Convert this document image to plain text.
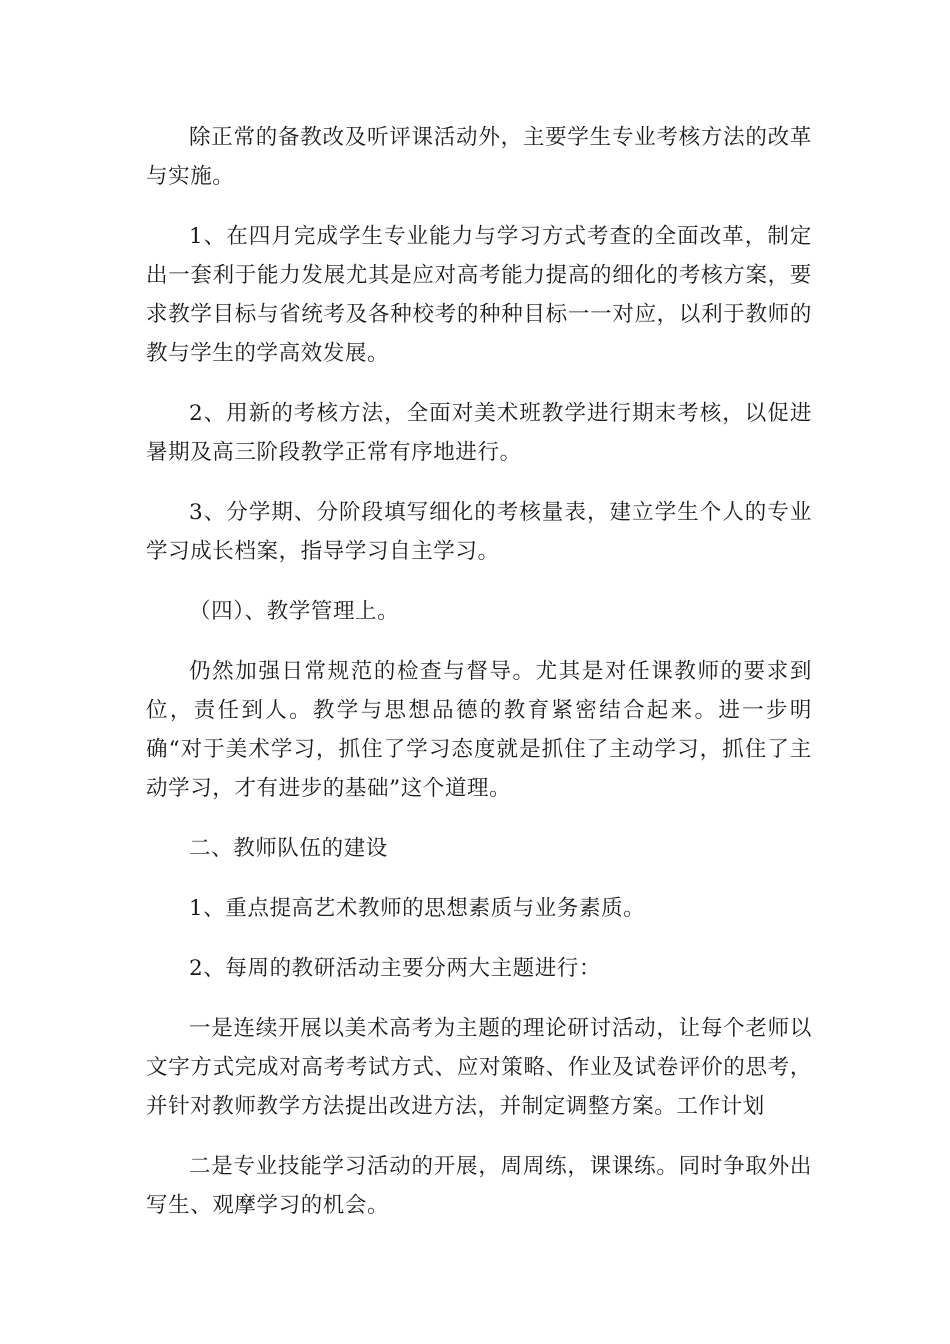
除正常的备教改及听评课活动外，主要学生专业考核方法的改革与实施。

1、在四月完成学生专业能力与学习方式考查的全面改革，制定出一套利于能力发展尤其是应对高考能力提高的细化的考核方案，要求教学目标与省统考及各种校考的种种目标一一对应，以利于教师的教与学生的学高效发展。

2、用新的考核方法，全面对美术班教学进行期末考核，以促进暑期及高三阶段教学正常有序地进行。

3、分学期、分阶段填写细化的考核量表，建立学生个人的专业学习成长档案，指导学习自主学习。

（四）、教学管理上。

仍然加强日常规范的检查与督导。尤其是对任课教师的要求到位，责任到人。教学与思想品德的教育紧密结合起来。进一步明确“对于美术学习，抓住了学习态度就是抓住了主动学习，抓住了主动学习，才有进步的基础”这个道理。

二、教师队伍的建设

1、重点提高艺术教师的思想素质与业务素质。

2、每周的教研活动主要分两大主题进行：

一是连续开展以美术高考为主题的理论研讨活动，让每个老师以文字方式完成对高考考试方式、应对策略、作业及试卷评价的思考，并针对教师教学方法提出改进方法，并制定调整方案。工作计划

二是专业技能学习活动的开展，周周练，课课练。同时争取外出写生、观摩学习的机会。
